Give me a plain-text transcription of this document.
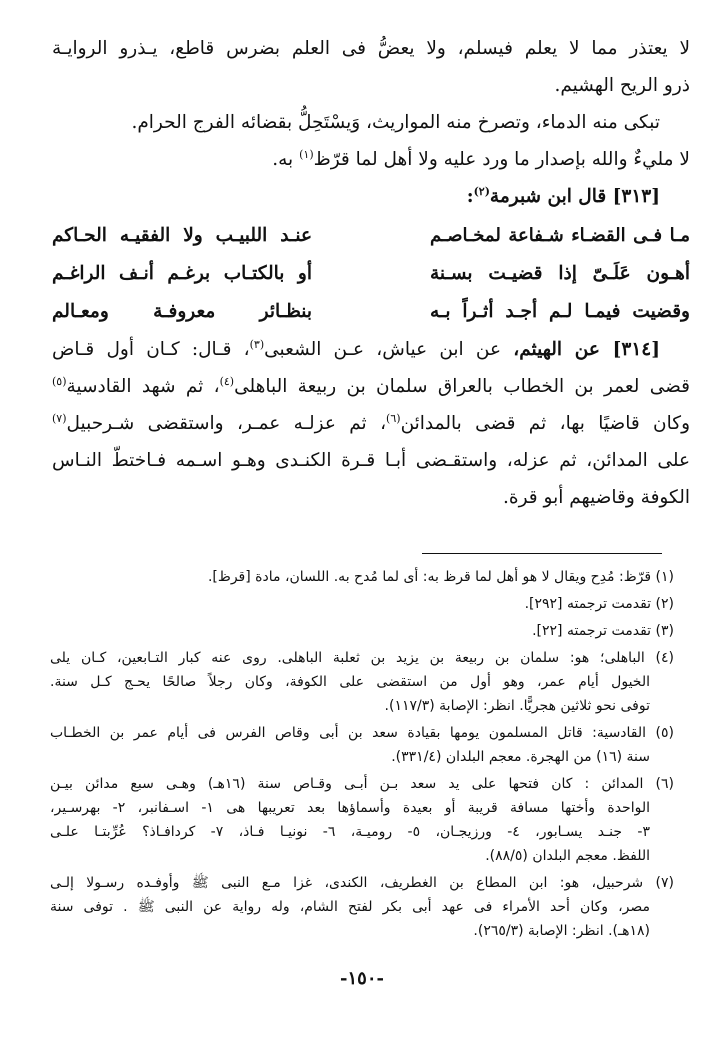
لا يعتذر مما لا يعلم فيسلم، ولا يعضُّ فى العلم بضرس قاطع، يـذرو الروايـة
ذرو الريح الهشيم.
تبكى منه الدماء، وتصرخ منه المواريث، وَيسْتَحِلُّ بقضائه الفرج الحرام.
لا مليءٌ والله بإصدار ما ورد عليه ولا أهل لما قرّظ$^{(١)}$ به.
[٣١٣] قال ابن شبرمة$^{(٢)}$:
مـا فـى القضـاء شـفاعة لمخـاصـم
عنـد اللبيـب ولا الفقيـه الحـاكم
أهـون عَلَـىّ إذا قضيـت بسـنة
أو بالكتـاب برغـم أنـف الراغـم
وقضيت فيمـا لـم أجـد أثـراً بـه
بنظـائر معروفـة ومعـالم
[٣١٤] عن الهيثم، عن ابن عياش، عـن الشعبى$^{(٣)}$، قـال: كـان أول قـاض
قضى لعمر بن الخطاب بالعراق سلمان بن ربيعة الباهلى$^{(٤)}$، ثم شهد القادسية$^{(٥)}$
وكان قاضيًا بها، ثم قضى بالمدائن$^{(٦)}$، ثم عزلـه عمـر، واستقضى شـرحبيل$^{(٧)}$
على المدائن، ثم عزله، واستقـضى أبـا قـرة الكنـدى وهـو اسـمه فـاختطّ النـاس
الكوفة وقاضيهم أبو قرة.
(١) قرّظ: مُدِح ويقال لا هو أهل لما قرظ به: أى لما مُدح به. اللسان، مادة [قرظ].
(٢) تقدمت ترجمته [٢٩٢].
(٣) تقدمت ترجمته [٢٢].
(٤) الباهلى؛ هو: سلمان بن ربيعة بن يزيد بن ثعلبة الباهلى. روى عنه كبار التـابعين، كـان يلى
الخيول أيام عمر، وهو أول من استقضى على الكوفة، وكان رجلاً صالحًا يحـج كـل سنة.
توفى نحو ثلاثين هجريًّا. انظر: الإصابة (١١٧/٣).
(٥) القادسية: قاتل المسلمون يومها بقيادة سعد بن أبى وقاص الفرس فى أيام عمر بن الخطـاب
سنة (١٦) من الهجرة. معجم البلدان (٣٣١/٤).
(٦) المدائن : كان فتحها على يد سعد بـن أبـى وقـاص سنة (١٦هـ) وهـى سبع مدائن بيـن
الواحدة وأختها مسافة قريبة أو بعيدة وأسماؤها بعد تعريبها هى ١- اسـفانبر، ٢- بهرسـير،
٣- جنـد يسـابور، ٤- ورزيجـان، ٥- روميـة، ٦- نونيـا فـاذ، ٧- كردافـاذ؟ عُرِّبتـا علـى
اللفظ. معجم البلدان (٨٨/٥).
(٧) شرحبيل، هو: ابن المطاع بن الغطريف، الكندى، غزا مـع النبى ﷺ وأوفـده رسـولا إلـى
مصر، وكان أحد الأمراء فى عهد أبى بكر لفتح الشام، وله رواية عن النبى ﷺ . توفى سنة
(١٨هـ). انظر: الإصابة (٢٦٥/٣).
-١٥٠-
